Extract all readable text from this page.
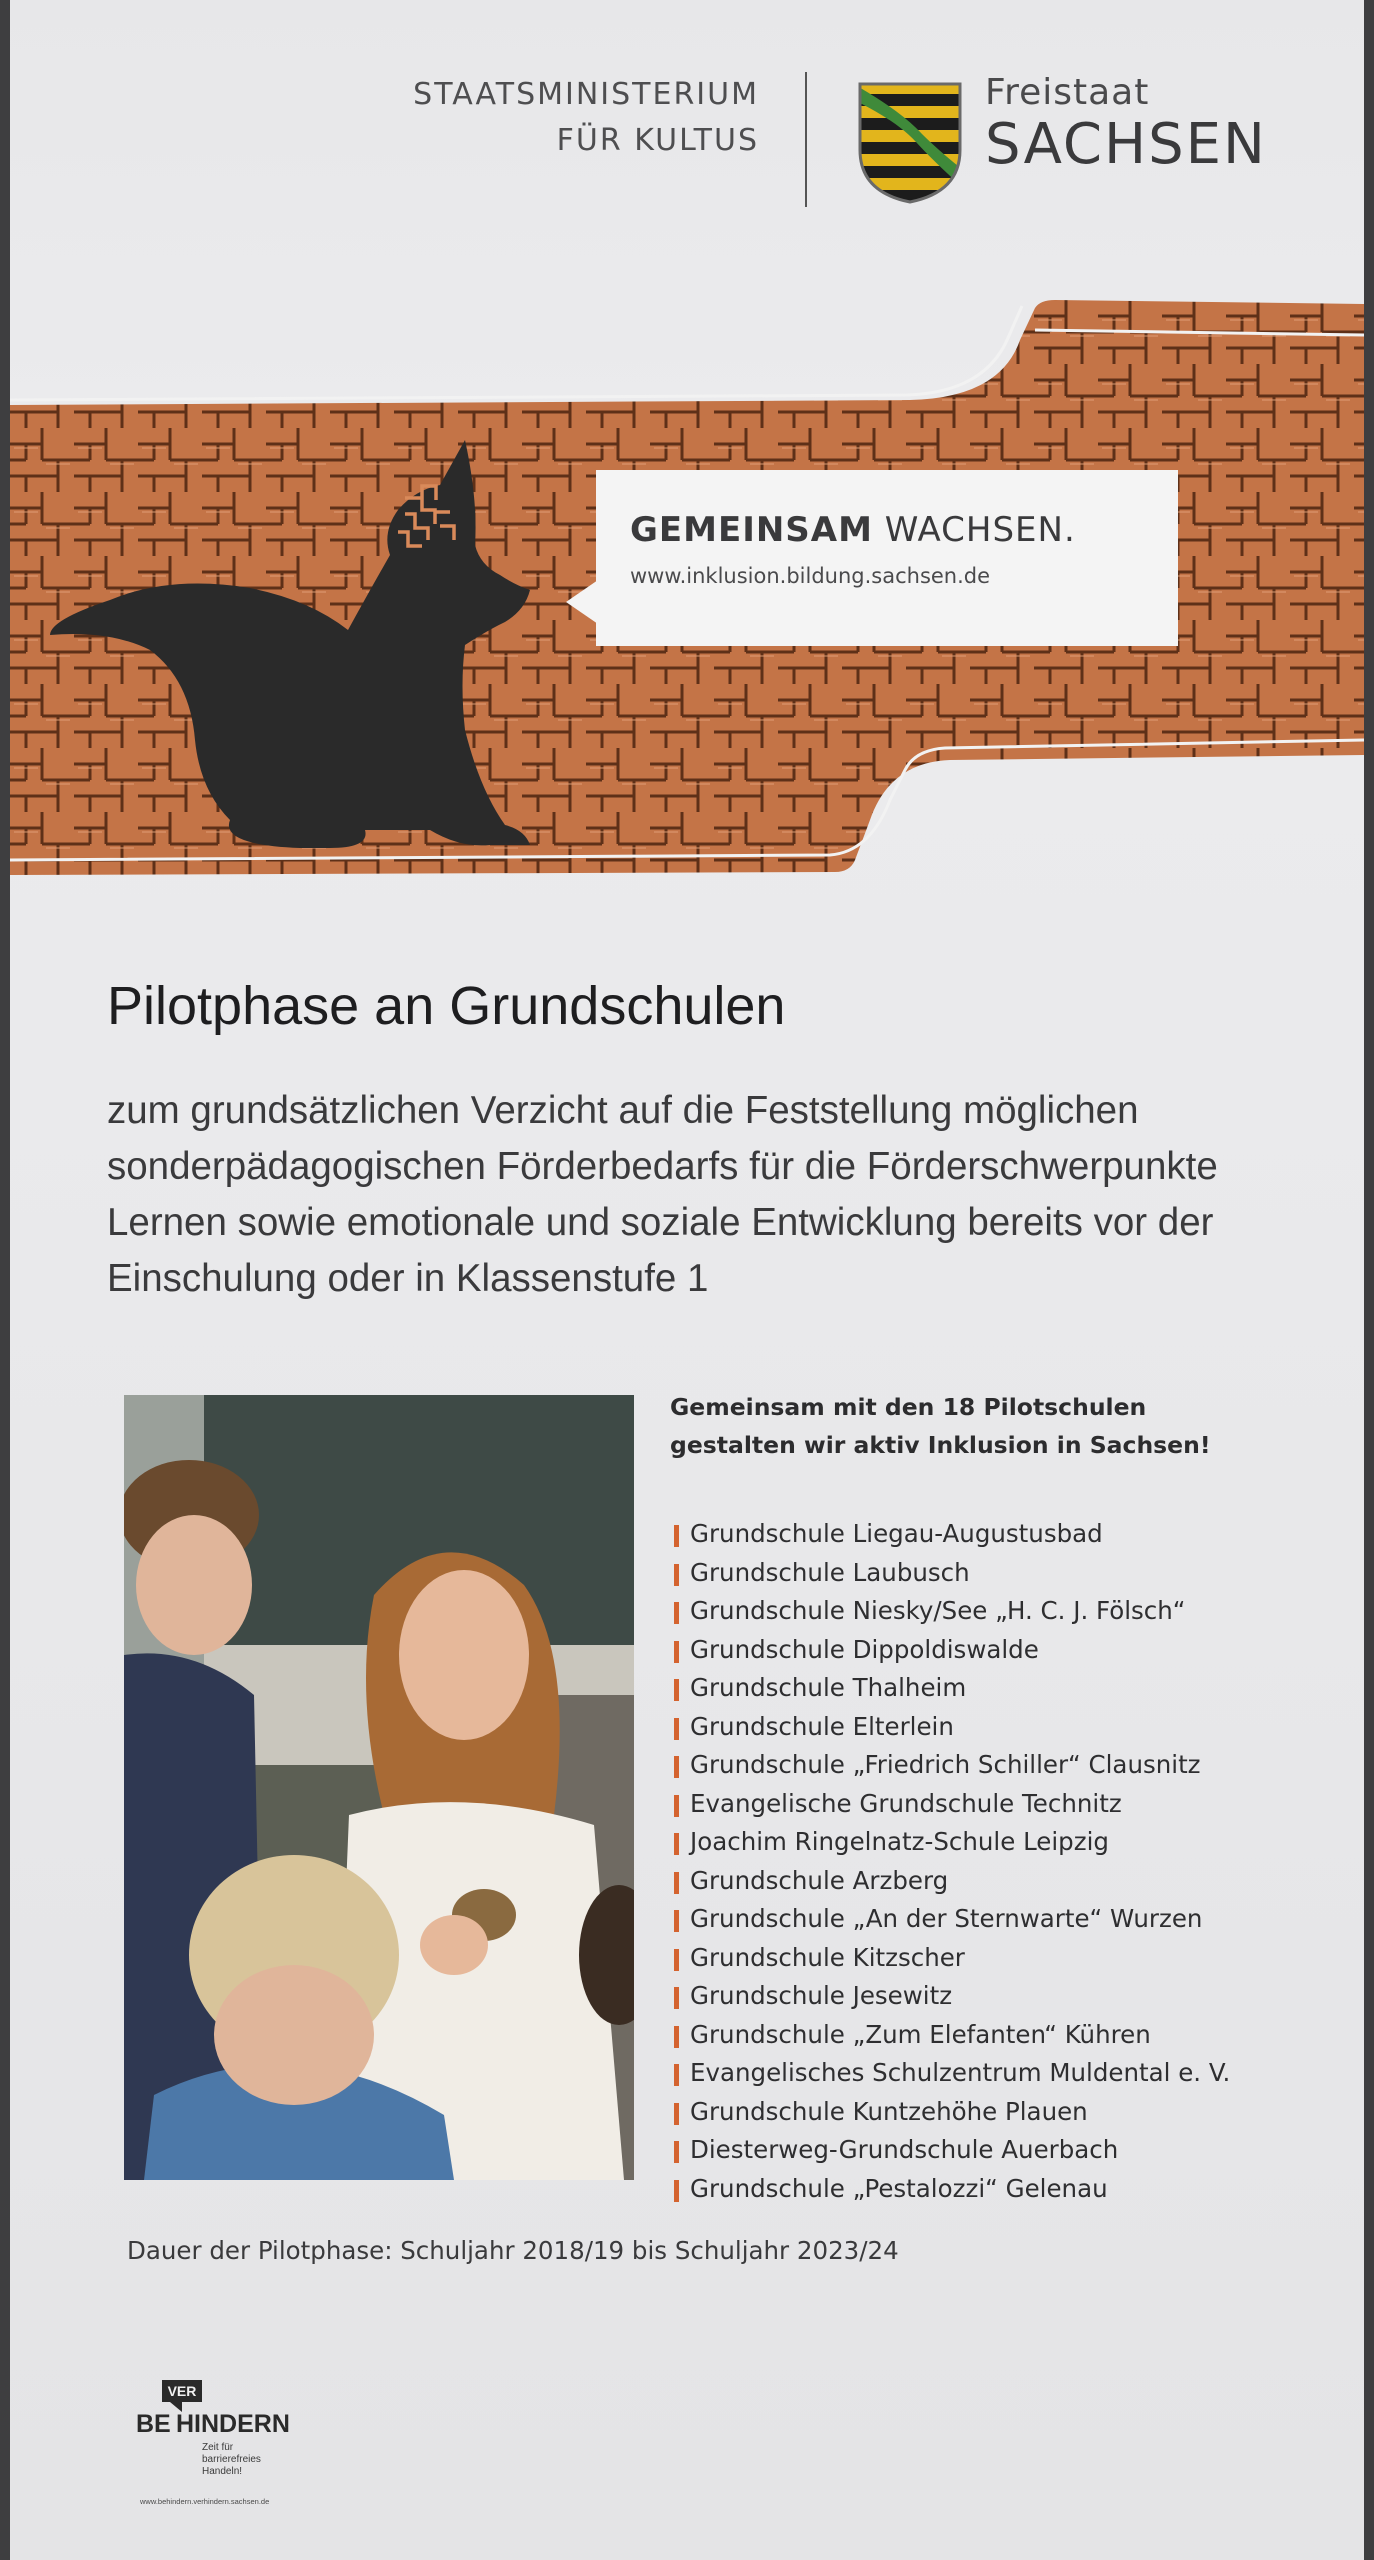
STAATSMINISTERIUM
FÜR KULTUS
Freistaat
SACHSEN
GEMEINSAM WACHSEN.
www.inklusion.bildung.sachsen.de
Pilotphase an Grundschulen

zum grundsätzlichen Verzicht auf die Feststellung möglichen sonderpädagogischen Förderbedarfs für die Förderschwerpunkte Lernen sowie emotionale und soziale Entwicklung bereits vor der Einschulung oder in Klassenstufe 1

Gemeinsam mit den 18 Pilotschulen
gestalten wir aktiv Inklusion in Sachsen!
Grundschule Liegau-Augustusbad
Grundschule Laubusch
Grundschule Niesky/See „H. C. J. Fölsch“
Grundschule Dippoldiswalde
Grundschule Thalheim
Grundschule Elterlein
Grundschule „Friedrich Schiller“ Clausnitz
Evangelische Grundschule Technitz
Joachim Ringelnatz-Schule Leipzig
Grundschule Arzberg
Grundschule „An der Sternwarte“ Wurzen
Grundschule Kitzscher
Grundschule Jesewitz
Grundschule „Zum Elefanten“ Kühren
Evangelisches Schulzentrum Muldental e. V.
Grundschule Kuntzehöhe Plauen
Diesterweg-Grundschule Auerbach
Grundschule „Pestalozzi“ Gelenau
Dauer der Pilotphase: Schuljahr 2018/19 bis Schuljahr 2023/24
VER
BE HINDERN
Zeit für
barrierefreies
Handeln!
www.behindern.verhindern.sachsen.de
